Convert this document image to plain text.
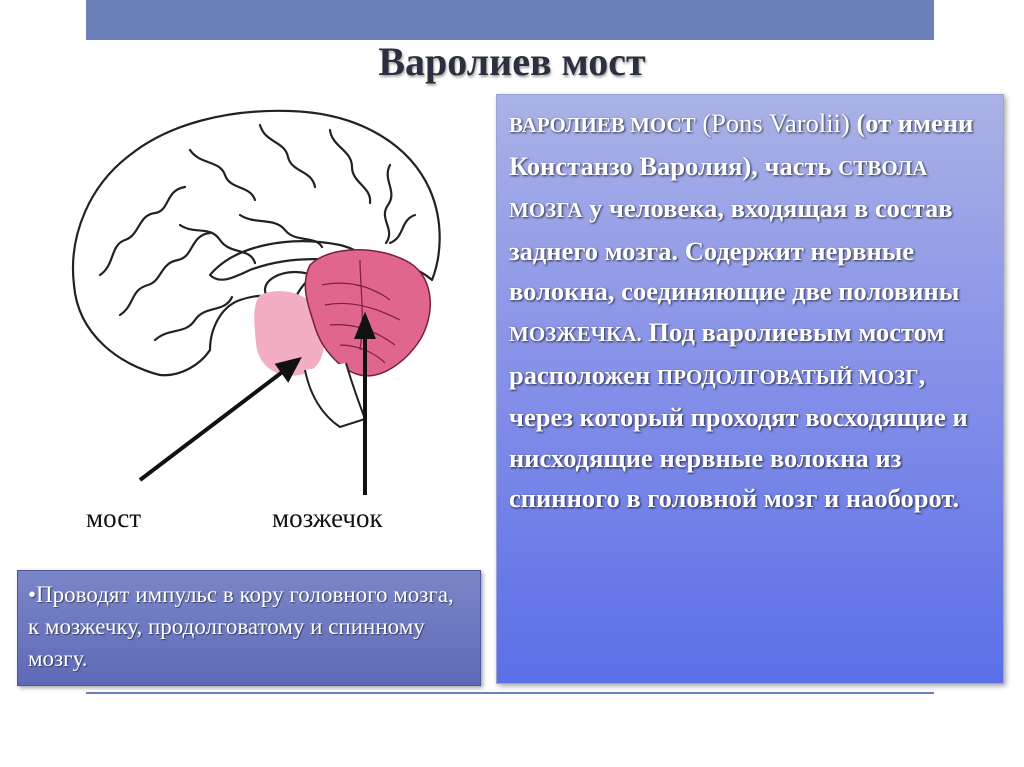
Варолиев мост
мост	мозжечок
ВАРОЛИЕВ МОСТ (Pons Varolii) (от имени Констанзо Варолия), часть СТВОЛА МОЗГА у человека, входящая в состав заднего мозга. Содержит нервные волокна, соединяющие две половины МОЗЖЕЧКА. Под варолиевым мостом расположен ПРОДОЛГОВАТЫЙ МОЗГ, через который проходят восходящие и нисходящие нервные волокна из спинного в головной мозг и наоборот.
•Проводят импульс в кору головного мозга, к мозжечку, продолговатому и спинному мозгу.
